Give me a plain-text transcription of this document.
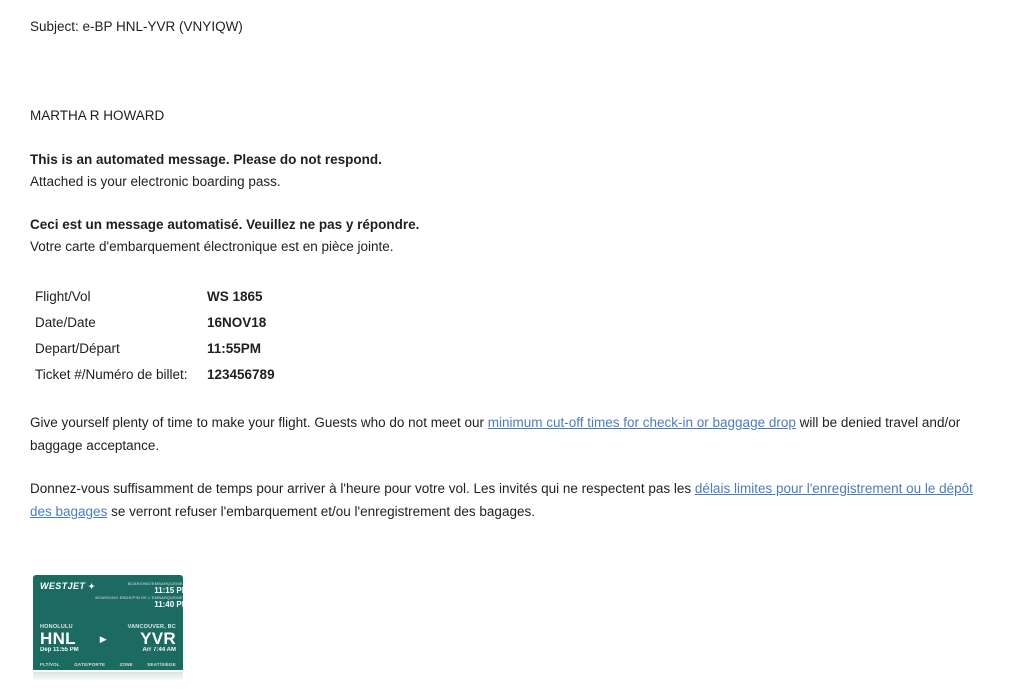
Subject: e-BP HNL-YVR (VNYIQW)
MARTHA R HOWARD
This is an automated message. Please do not respond.
Attached is your electronic boarding pass.
Ceci est un message automatisé. Veuillez ne pas y répondre.
Votre carte d'embarquement électronique est en pièce jointe.
Flight/Vol	WS 1865
Date/Date	16NOV18
Depart/Départ	11:55PM
Ticket #/Numéro de billet:	123456789
Give yourself plenty of time to make your flight. Guests who do not meet our minimum cut-off times for check-in or baggage drop will be denied travel and/or baggage acceptance.
Donnez-vous suffisamment de temps pour arriver à l'heure pour votre vol. Les invités qui ne respectent pas les délais limites pour l'enregistrement ou le dépôt des bagages se verront refuser l'embarquement et/ou l'enregistrement des bagages.
WESTJET ✦	BOARDING/EMBARQUEMENT
11:15 PM
BOARDING ENDS/FIN DE L'EMBARQUEMENT
11:40 PM
HONOLULU
HNL
Dep 11:55 PM
▶
VANCOUVER, BC
YVR
Arr 7:44 AM
FLT/VOL	GATE/PORTE	ZONE	SEAT/SIÈGE
